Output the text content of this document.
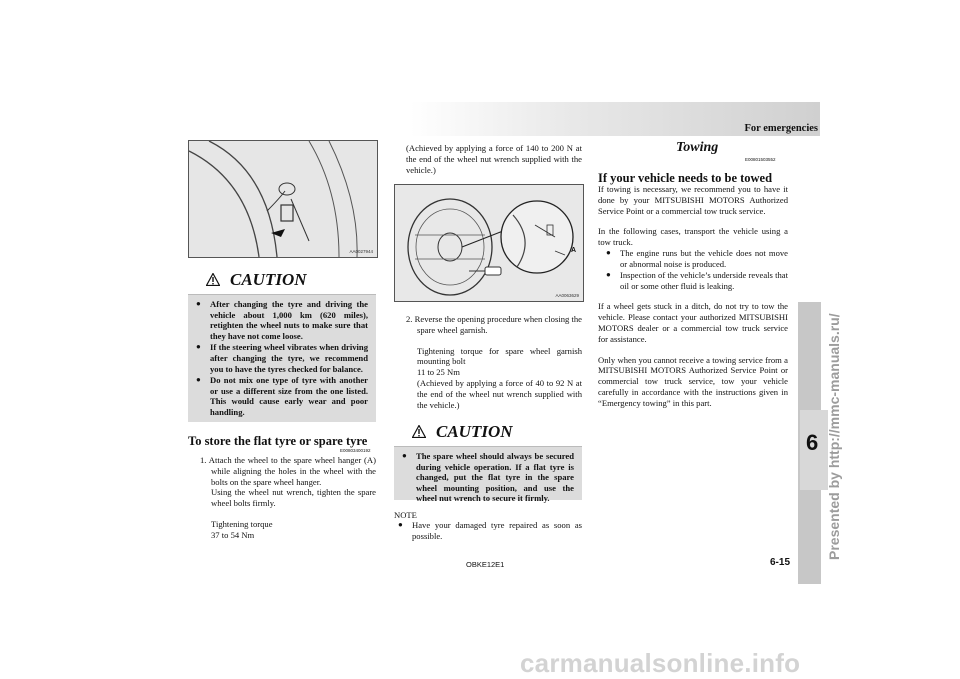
6
For emergencies
AA0027944
CAUTION
● After changing the tyre and driving the vehicle about 1,000 km (620 miles), retighten the wheel nuts to make sure that they have not come loose.
● If the steering wheel vibrates when driving after changing the tyre, we recommend you to have the tyres checked for balance.
● Do not mix one type of tyre with another or use a different size from the one listed. This would cause early wear and poor handling.
To store the flat tyre or spare tyre
E00803400192

1. Attach the wheel to the spare wheel hanger (A) while aligning the holes in the wheel with the bolts on the spare wheel hanger.

Using the wheel nut wrench, tighten the spare wheel bolts firmly.

Tightening torque

37 to 54 Nm

(Achieved by applying a force of 140 to 200 N at the end of the wheel nut wrench supplied with the vehicle.)
A
AA0063629

2. Reverse the opening procedure when closing the spare wheel garnish.

Tightening torque for spare wheel garnish mounting bolt

11 to 25 Nm

(Achieved by applying a force of 40 to 92 N at the end of the wheel nut wrench supplied with the vehicle.)

CAUTION
● The spare wheel should always be secured during vehicle operation. If a flat tyre is changed, put the flat tyre in the spare wheel mounting position, and use the wheel nut wrench to secure it firmly.
NOTE
● Have your damaged tyre repaired as soon as possible.
Towing
E00801503552
If your vehicle needs to be towed

If towing is necessary, we recommend you to have it done by your MITSUBISHI MOTORS Authorized Service Point or a commercial tow truck service.

In the following cases, transport the vehicle using a tow truck.

● The engine runs but the vehicle does not move or abnormal noise is produced.
● Inspection of the vehicle’s underside reveals that oil or some other fluid is leaking.

If a wheel gets stuck in a ditch, do not try to tow the vehicle. Please contact your authorized MITSUBISHI MOTORS dealer or a commercial tow truck service for assistance.

Only when you cannot receive a towing service from a MITSUBISHI MOTORS Authorized Service Point or commercial tow truck service, tow your vehicle carefully in accordance with the instructions given in “Emergency towing” in this part.

OBKE12E1	6-15
Presented by http://mmc-manuals.ru/
carmanualsonline.info
